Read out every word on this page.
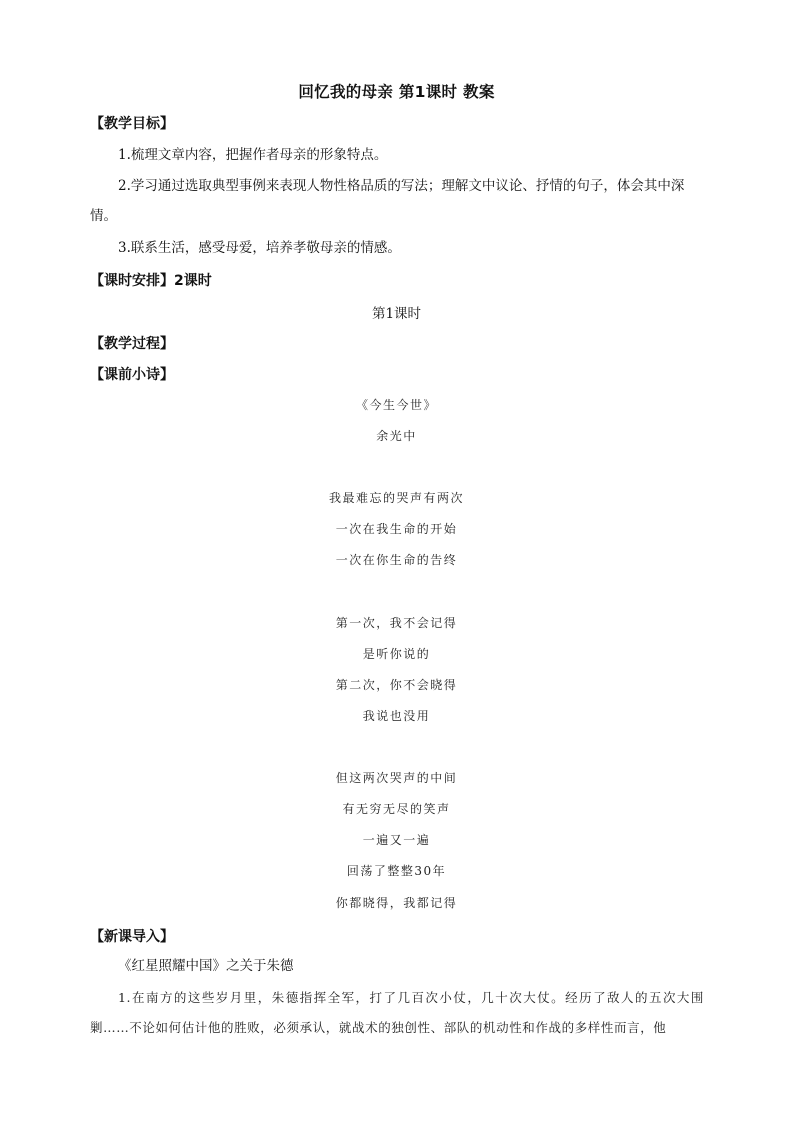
回忆我的母亲 第1课时 教案
【教学目标】
1.梳理文章内容，把握作者母亲的形象特点。
2.学习通过选取典型事例来表现人物性格品质的写法；理解文中议论、抒情的句子，体会其中深情。
3.联系生活，感受母爱，培养孝敬母亲的情感。
【课时安排】2课时
第1课时
【教学过程】
【课前小诗】
《今生今世》
余光中
我最难忘的哭声有两次
一次在我生命的开始
一次在你生命的告终
第一次，我不会记得
是听你说的
第二次，你不会晓得
我说也没用
但这两次哭声的中间
有无穷无尽的笑声
一遍又一遍
回荡了整整30年
你都晓得，我都记得
【新课导入】
《红星照耀中国》之关于朱德
1.在南方的这些岁月里，朱德指挥全军，打了几百次小仗，几十次大仗。经历了敌人的五次大围剿……不论如何估计他的胜败，必须承认，就战术的独创性、部队的机动性和作战的多样性而言，他
